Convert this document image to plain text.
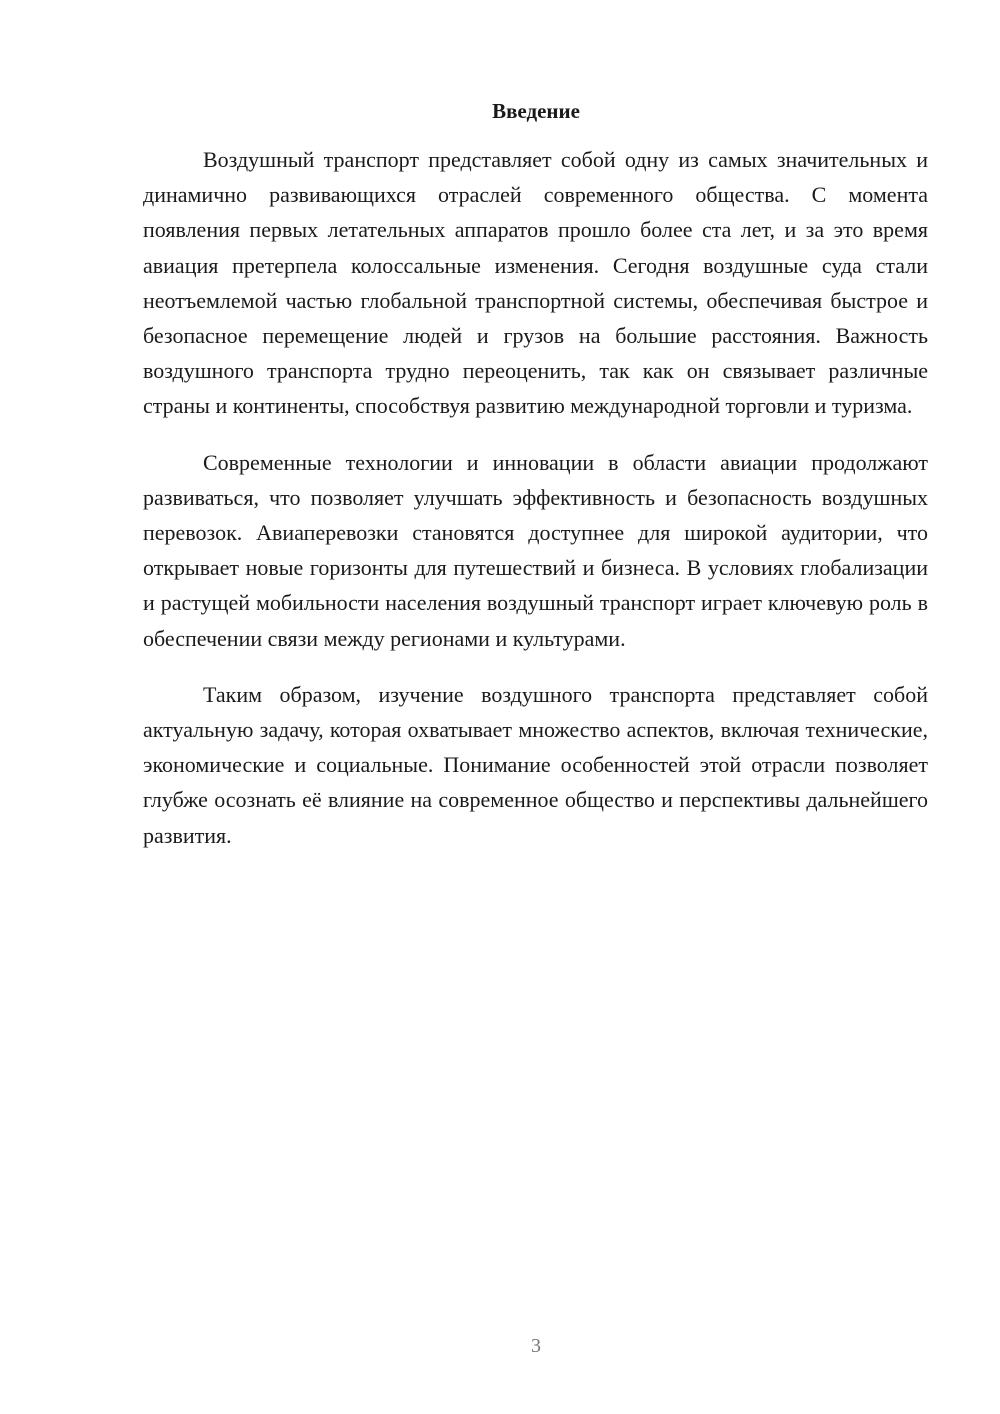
Введение

Воздушный транспорт представляет собой одну из самых значительных и динамично развивающихся отраслей современного общества. С момента появления первых летательных аппаратов прошло более ста лет, и за это время авиация претерпела колоссальные изменения. Сегодня воздушные суда стали неотъемлемой частью глобальной транспортной системы, обеспечивая быстрое и безопасное перемещение людей и грузов на большие расстояния. Важность воздушного транспорта трудно переоценить, так как он связывает различные страны и континенты, способствуя развитию международной торговли и туризма.

Современные технологии и инновации в области авиации продолжают развиваться, что позволяет улучшать эффективность и безопасность воздушных перевозок. Авиаперевозки становятся доступнее для широкой аудитории, что открывает новые горизонты для путешествий и бизнеса. В условиях глобализации и растущей мобильности населения воздушный транспорт играет ключевую роль в обеспечении связи между регионами и культурами.

Таким образом, изучение воздушного транспорта представляет собой актуальную задачу, которая охватывает множество аспектов, включая технические, экономические и социальные. Понимание особенностей этой отрасли позволяет глубже осознать её влияние на современное общество и перспективы дальнейшего развития.

3
